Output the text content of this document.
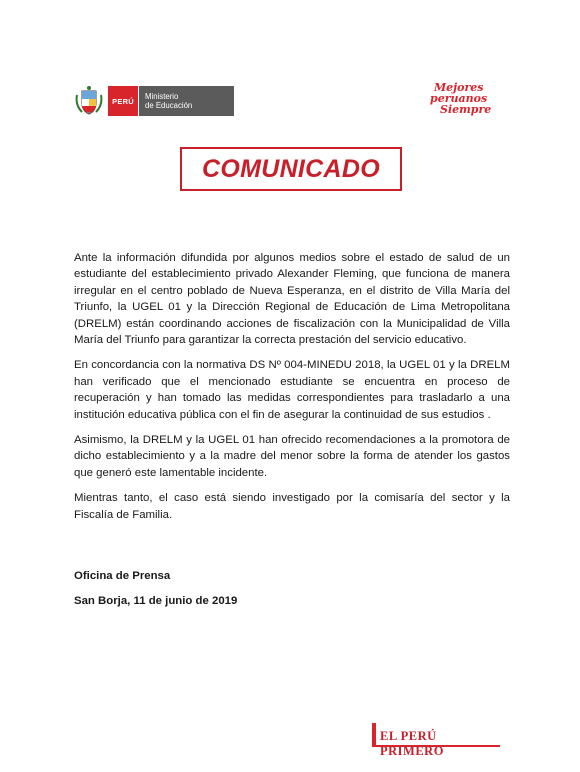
PERÚ Ministerio
de Educación
Mejores
peruanos
Siempre
COMUNICADO

Ante la información difundida por algunos medios sobre el estado de salud de un estudiante del establecimiento privado Alexander Fleming, que funciona de manera irregular en el centro poblado de Nueva Esperanza, en el distrito de Villa María del Triunfo, la UGEL 01 y la Dirección Regional de Educación de Lima Metropolitana (DRELM) están coordinando acciones de fiscalización con la Municipalidad de Villa María del Triunfo para garantizar la correcta prestación del servicio educativo.

En concordancia con la normativa DS Nº 004-MINEDU 2018, la UGEL 01 y la DRELM han verificado que el mencionado estudiante se encuentra en proceso de recuperación y han tomado las medidas correspondientes para trasladarlo a una institución educativa pública con el fin de asegurar la continuidad de sus estudios .

Asimismo, la DRELM y la UGEL 01 han ofrecido recomendaciones a la promotora de dicho establecimiento y a la madre del menor sobre la forma de atender los gastos que generó este lamentable incidente.

Mientras tanto, el caso está siendo investigado por la comisaría del sector y la Fiscalía de Familia.

Oficina de Prensa
San Borja, 11 de junio de 2019
EL PERÚ PRIMERO
